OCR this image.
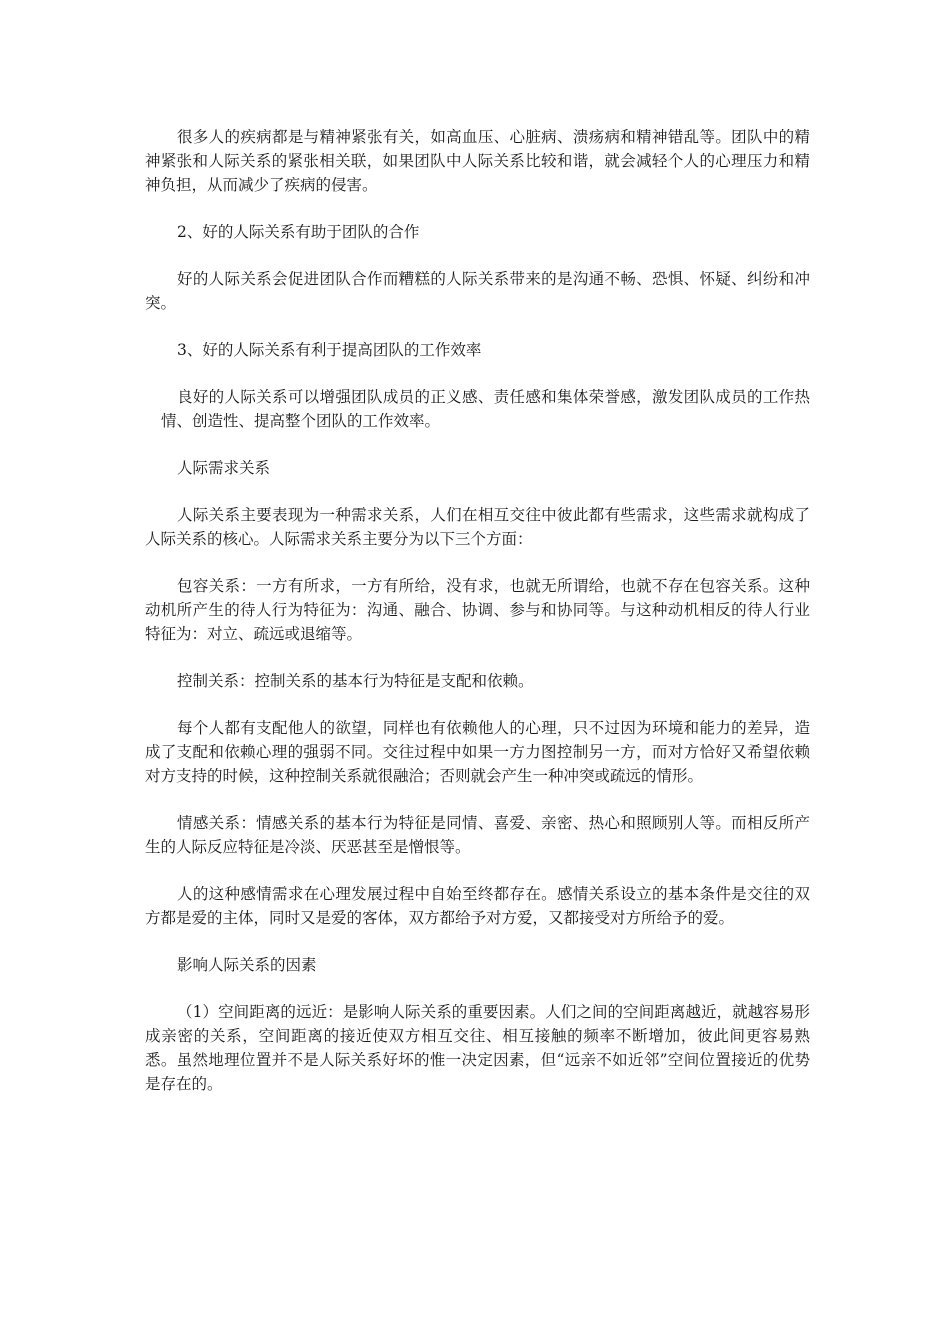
很多人的疾病都是与精神紧张有关，如高血压、心脏病、溃疡病和精神错乱等。团队中的精神紧张和人际关系的紧张相关联，如果团队中人际关系比较和谐，就会减轻个人的心理压力和精神负担，从而减少了疾病的侵害。

2、好的人际关系有助于团队的合作

好的人际关系会促进团队合作而糟糕的人际关系带来的是沟通不畅、恐惧、怀疑、纠纷和冲突。

3、好的人际关系有利于提高团队的工作效率

良好的人际关系可以增强团队成员的正义感、责任感和集体荣誉感，激发团队成员的工作热情、创造性、提高整个团队的工作效率。

人际需求关系

人际关系主要表现为一种需求关系，人们在相互交往中彼此都有些需求，这些需求就构成了人际关系的核心。人际需求关系主要分为以下三个方面：

包容关系：一方有所求，一方有所给，没有求，也就无所谓给，也就不存在包容关系。这种动机所产生的待人行为特征为：沟通、融合、协调、参与和协同等。与这种动机相反的待人行业特征为：对立、疏远或退缩等。

控制关系：控制关系的基本行为特征是支配和依赖。

每个人都有支配他人的欲望，同样也有依赖他人的心理，只不过因为环境和能力的差异，造成了支配和依赖心理的强弱不同。交往过程中如果一方力图控制另一方，而对方恰好又希望依赖对方支持的时候，这种控制关系就很融洽；否则就会产生一种冲突或疏远的情形。

情感关系：情感关系的基本行为特征是同情、喜爱、亲密、热心和照顾别人等。而相反所产生的人际反应特征是冷淡、厌恶甚至是憎恨等。

人的这种感情需求在心理发展过程中自始至终都存在。感情关系设立的基本条件是交往的双方都是爱的主体，同时又是爱的客体，双方都给予对方爱，又都接受对方所给予的爱。

影响人际关系的因素

（1）空间距离的远近：是影响人际关系的重要因素。人们之间的空间距离越近，就越容易形成亲密的关系，空间距离的接近使双方相互交往、相互接触的频率不断增加，彼此间更容易熟悉。虽然地理位置并不是人际关系好坏的惟一决定因素，但“远亲不如近邻”空间位置接近的优势是存在的。
